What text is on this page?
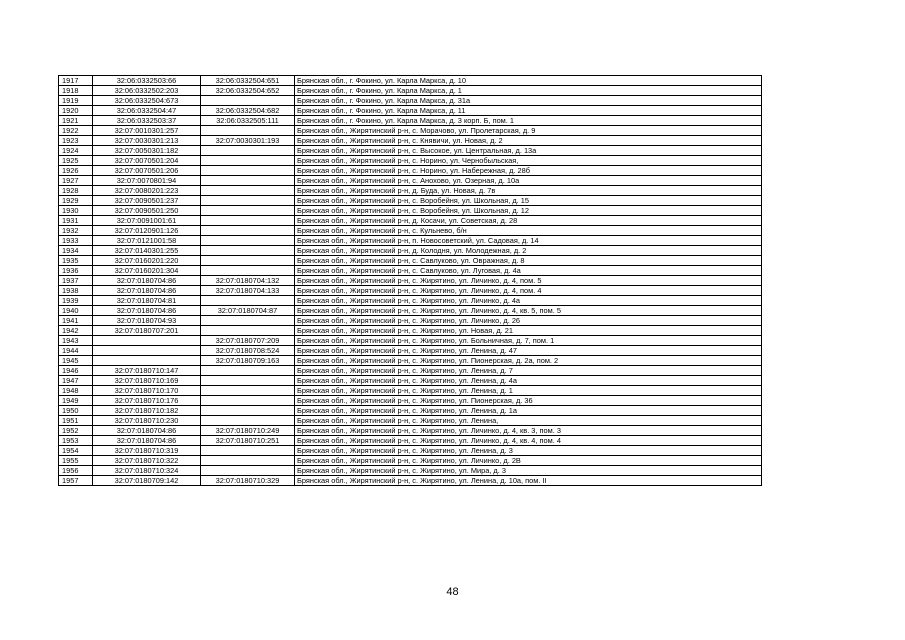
1917	32:06:0332503:66	32:06:0332504:651	Брянская обл., г. Фокино, ул. Карла Маркса, д. 10
1918	32:06:0332502:203	32:06:0332504:652	Брянская обл., г. Фокино, ул. Карла Маркса, д. 1
1919	32:06:0332504:673		Брянская обл., г. Фокино, ул. Карла Маркса, д. 31а
1920	32:06:0332504:47	32:06:0332504:682	Брянская обл., г. Фокино, ул. Карла Маркса, д. 11
1921	32:06:0332503:37	32:06:0332505:111	Брянская обл., г. Фокино, ул. Карла Маркса, д. 3 корп. Б, пом. 1
1922	32:07:0010301:257		Брянская обл., Жирятинский р-н, с. Морачово, ул. Пролетарская, д. 9
1923	32:07:0030301:213	32:07:0030301:193	Брянская обл., Жирятинский р-н, с. Княвичи, ул. Новая, д. 2
1924	32:07:0050301:182		Брянская обл., Жирятинский р-н, с. Высокое, ул. Центральная, д. 13а
1925	32:07:0070501:204		Брянская обл., Жирятинский р-н, с. Норино, ул. Чернобыльская,
1926	32:07:0070501:206		Брянская обл., Жирятинский р-н, с. Норино, ул. Набережная, д. 28б
1927	32:07:0070801:94		Брянская обл., Жирятинский р-н, с. Анохово, ул. Озерная, д. 10а
1928	32:07:0080201:223		Брянская обл., Жирятинский р-н, д. Буда, ул. Новая, д. 7в
1929	32:07:0090501:237		Брянская обл., Жирятинский р-н, с. Воробейня, ул. Школьная, д. 15
1930	32:07:0090501:250		Брянская обл., Жирятинский р-н, с. Воробейня, ул. Школьная, д. 12
1931	32:07:0091001:61		Брянская обл., Жирятинский р-н, д. Косачи, ул. Советская, д. 28
1932	32:07:0120901:126		Брянская обл., Жирятинский р-н, с. Кульнево, б/н
1933	32:07:0121001:58		Брянская обл., Жирятинский р-н, п. Новосоветский, ул. Садовая, д. 14
1934	32:07:0140301:255		Брянская обл., Жирятинский р-н, д. Колодня, ул. Молодежная, д. 2
1935	32:07:0160201:220		Брянская обл., Жирятинский р-н, с. Савлуково, ул. Овражная, д. 8
1936	32:07:0160201:304		Брянская обл., Жирятинский р-н, с. Савлуково, ул. Луговая, д. 4а
1937	32:07:0180704:86	32:07:0180704:132	Брянская обл., Жирятинский р-н, с. Жирятино, ул. Личинко, д. 4, пом. 5
1938	32:07:0180704:86	32:07:0180704:133	Брянская обл., Жирятинский р-н, с. Жирятино, ул. Личинко, д. 4, пом. 4
1939	32:07:0180704:81		Брянская обл., Жирятинский р-н, с. Жирятино, ул. Личинко, д. 4а
1940	32:07:0180704:86	32:07:0180704:87	Брянская обл., Жирятинский р-н, с. Жирятино, ул. Личинко, д. 4, кв. 5, пом. 5
1941	32:07:0180704:93		Брянская обл., Жирятинский р-н, с. Жирятино, ул. Личинко, д. 26
1942	32:07:0180707:201		Брянская обл., Жирятинский р-н, с. Жирятино, ул. Новая, д. 21
1943		32:07:0180707:209	Брянская обл., Жирятинский р-н, с. Жирятино, ул. Больничная, д. 7, пом. 1
1944		32:07:0180708:524	Брянская обл., Жирятинский р-н, с. Жирятино, ул. Ленина, д. 47
1945		32:07:0180709:163	Брянская обл., Жирятинский р-н, с. Жирятино, ул. Пионерская, д. 2а, пом. 2
1946	32:07:0180710:147		Брянская обл., Жирятинский р-н, с. Жирятино, ул. Ленина, д. 7
1947	32:07:0180710:169		Брянская обл., Жирятинский р-н, с. Жирятино, ул. Ленина, д. 4а
1948	32:07:0180710:170		Брянская обл., Жирятинский р-н, с. Жирятино, ул. Ленина, д. 1
1949	32:07:0180710:176		Брянская обл., Жирятинский р-н, с. Жирятино, ул. Пионерская, д. 36
1950	32:07:0180710:182		Брянская обл., Жирятинский р-н, с. Жирятино, ул. Ленина, д. 1а
1951	32:07:0180710:230		Брянская обл., Жирятинский р-н, с. Жирятино, ул. Ленина,
1952	32:07:0180704:86	32:07:0180710:249	Брянская обл., Жирятинский р-н, с. Жирятино, ул. Личинко, д. 4, кв. 3, пом. 3
1953	32:07:0180704:86	32:07:0180710:251	Брянская обл., Жирятинский р-н, с. Жирятино, ул. Личинко, д. 4, кв. 4, пом. 4
1954	32:07:0180710:319		Брянская обл., Жирятинский р-н, с. Жирятино, ул. Ленина, д. 3
1955	32:07:0180710:322		Брянская обл., Жирятинский р-н, с. Жирятино, ул. Личинко, д. 2В
1956	32:07:0180710:324		Брянская обл., Жирятинский р-н, с. Жирятино, ул. Мира, д. 3
1957	32:07:0180709:142	32:07:0180710:329	Брянская обл., Жирятинский р-н, с. Жирятино, ул. Ленина, д. 10а, пом. II
48
